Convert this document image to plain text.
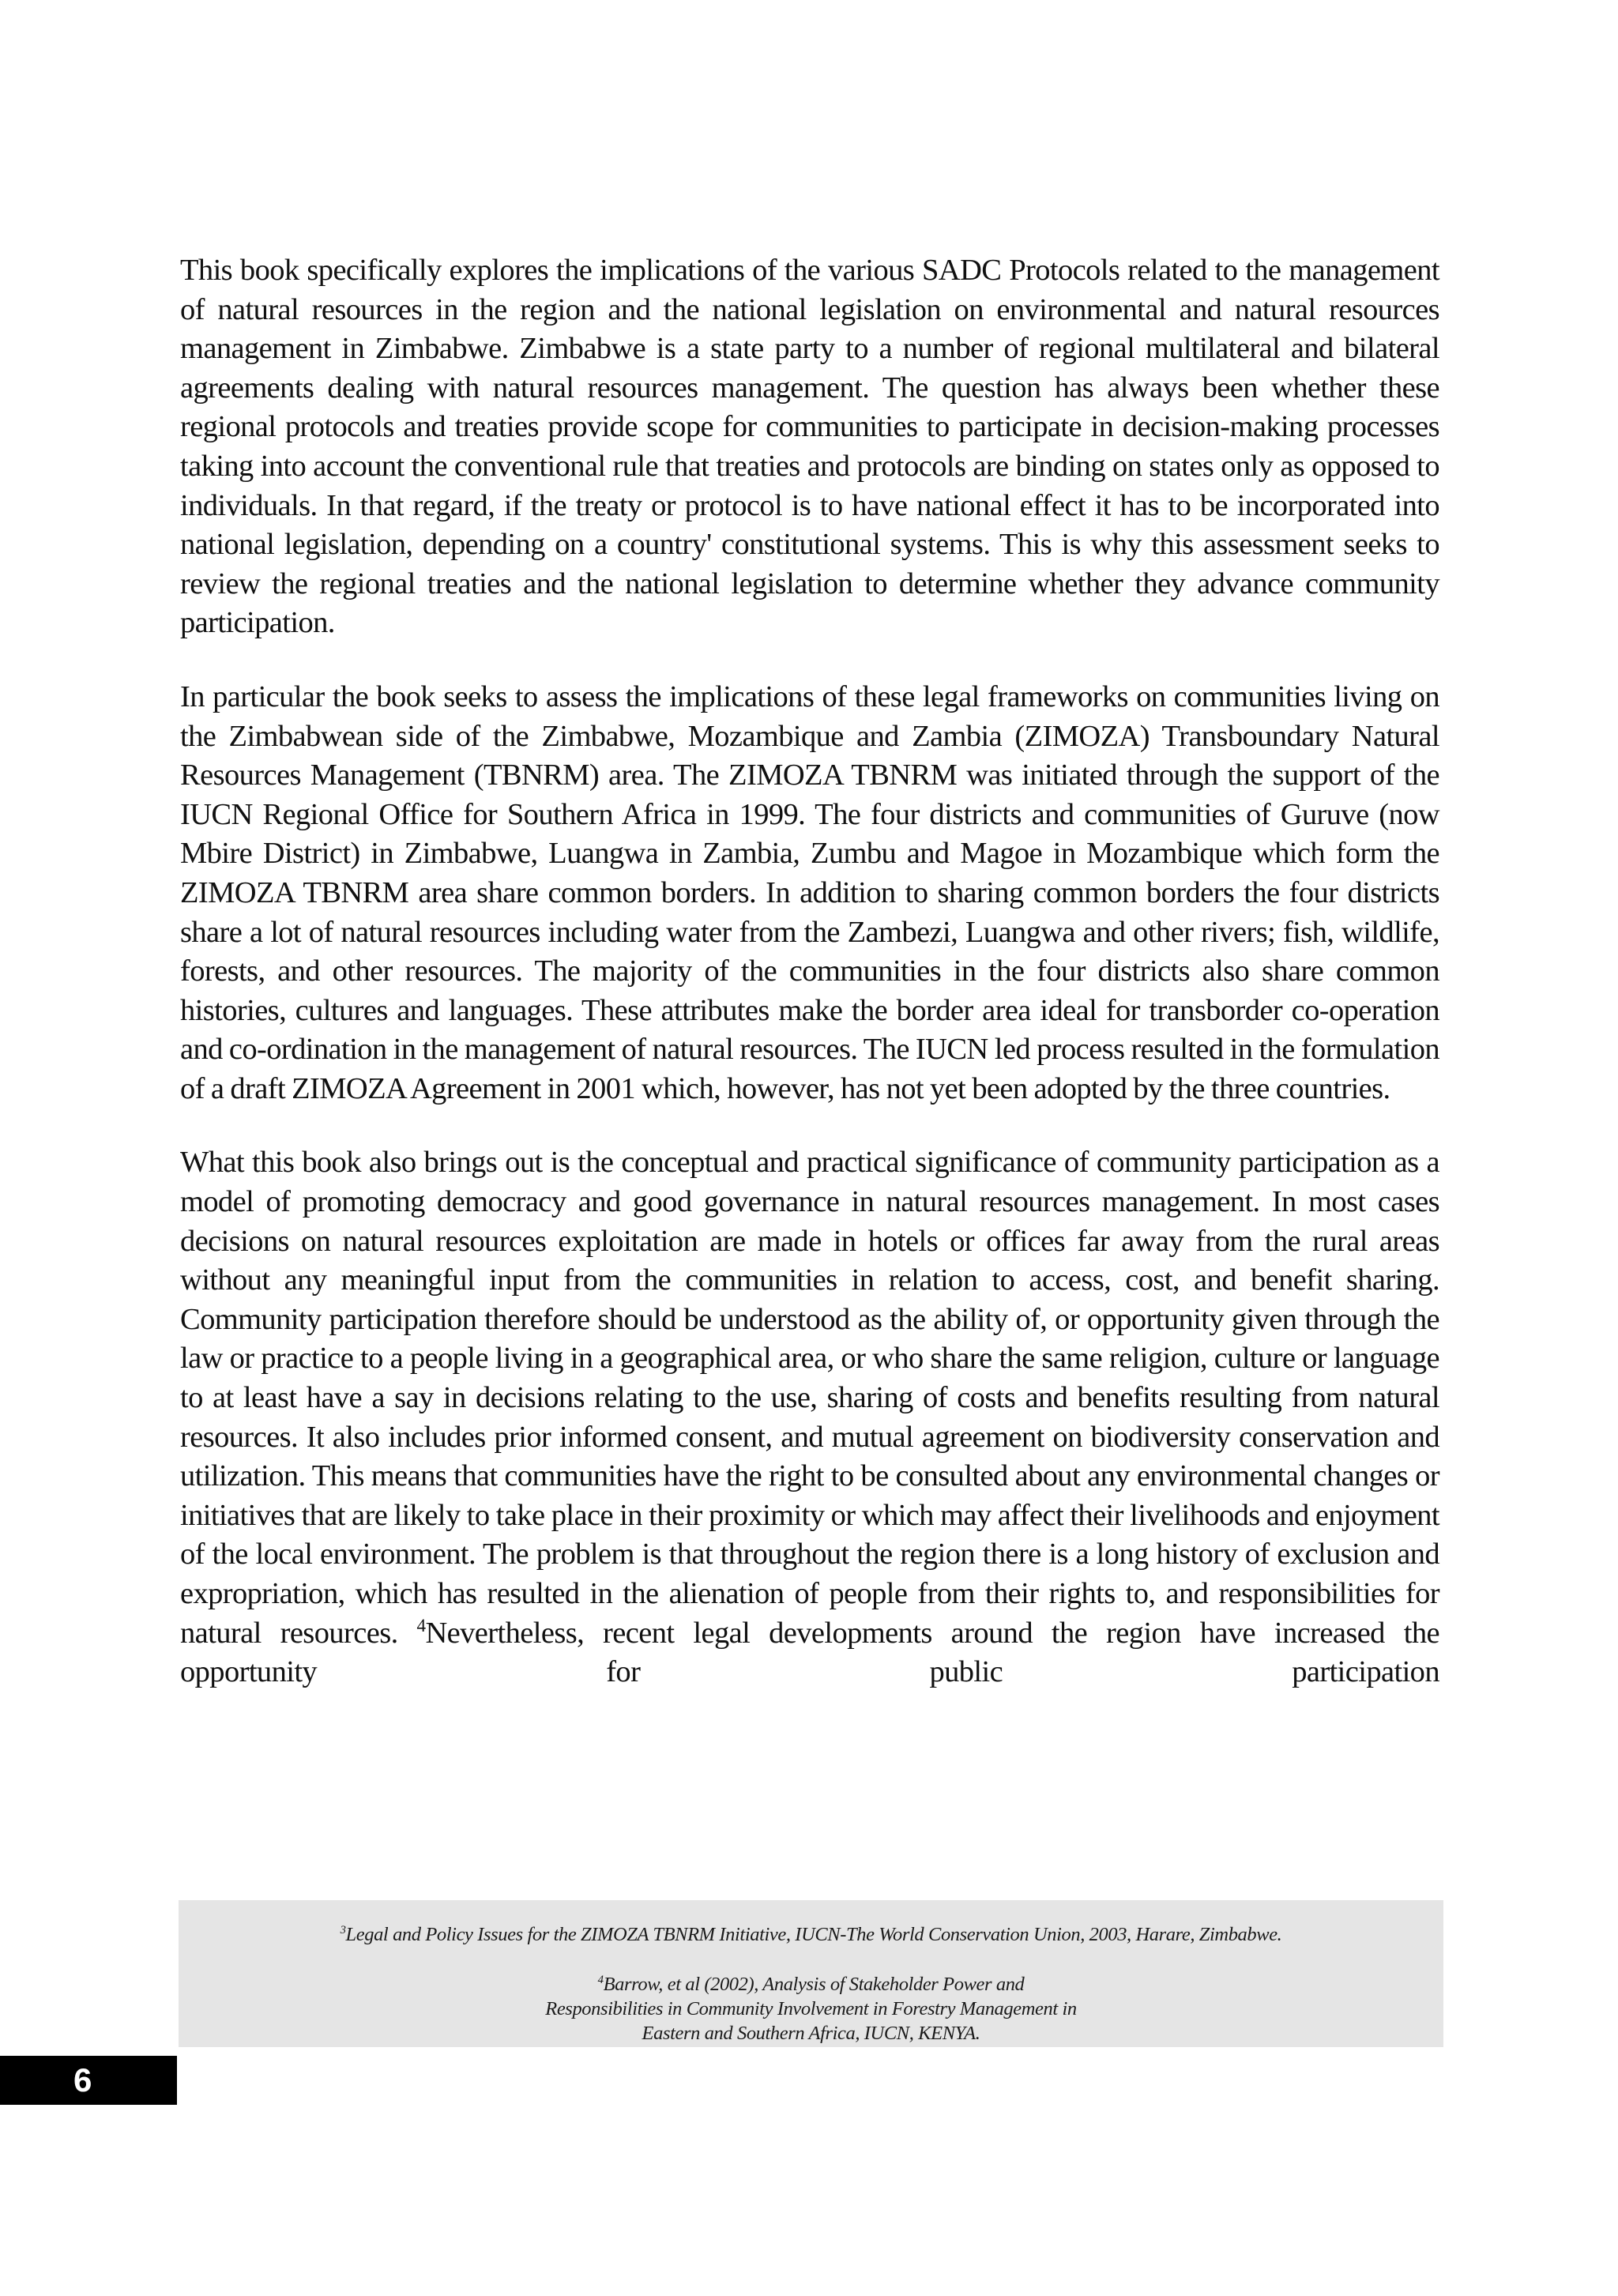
This book specifically explores the implications of the various SADC Protocols related to the management of natural resources in the region and the national legislation on environmental and natural resources management in Zimbabwe. Zimbabwe is a state party to a number of regional multilateral and bilateral agreements dealing with natural resources management. The question has always been whether these regional protocols and treaties provide scope for communities to participate in decision-making processes taking into account the conventional rule that treaties and protocols are binding on states only as opposed to individuals. In that regard, if the treaty or protocol is to have national effect it has to be incorporated into national legislation, depending on a country' constitutional systems. This is why this assessment seeks to review the regional treaties and the national legislation to determine whether they advance community participation.

In particular the book seeks to assess the implications of these legal frameworks on communities living on the Zimbabwean side of the Zimbabwe, Mozambique and Zambia (ZIMOZA) Transboundary Natural Resources Management (TBNRM) area. The ZIMOZA TBNRM was initiated through the support of the IUCN Regional Office for Southern Africa in 1999. The four districts and communities of Guruve (now Mbire District) in Zimbabwe, Luangwa in Zambia, Zumbu and Magoe in Mozambique which form the ZIMOZA TBNRM area share common borders. In addition to sharing common borders the four districts share a lot of natural resources including water from the Zambezi, Luangwa and other rivers; fish, wildlife, forests, and other resources. The majority of the communities in the four districts also share common histories, cultures and languages. These attributes make the border area ideal for transborder co-operation and co-ordination in the management of natural resources. The IUCN led process resulted in the formulation of a draft ZIMOZA Agreement in 2001 which, however, has not yet been adopted by the three countries.

What this book also brings out is the conceptual and practical significance of community participation as a model of promoting democracy and good governance in natural resources management. In most cases decisions on natural resources exploitation are made in hotels or offices far away from the rural areas without any meaningful input from the communities in relation to access, cost, and benefit sharing. Community participation therefore should be understood as the ability of, or opportunity given through the law or practice to a people living in a geographical area, or who share the same religion, culture or language to at least have a say in decisions relating to the use, sharing of costs and benefits resulting from natural resources. It also includes prior informed consent, and mutual agreement on biodiversity conservation and utilization. This means that communities have the right to be consulted about any environmental changes or initiatives that are likely to take place in their proximity or which may affect their livelihoods and enjoyment of the local environment. The problem is that throughout the region there is a long history of exclusion and expropriation, which has resulted in the alienation of people from their rights to, and responsibilities for natural resources. $^4$Nevertheless, recent legal developments around the region have increased the opportunity for public participation

$^3$Legal and Policy Issues for the ZIMOZA TBNRM Initiative, IUCN-The World Conservation Union, 2003, Harare, Zimbabwe.
$^4$Barrow, et al (2002), Analysis of Stakeholder Power and Responsibilities in Community Involvement in Forestry Management in Eastern and Southern Africa, IUCN, KENYA.
6
